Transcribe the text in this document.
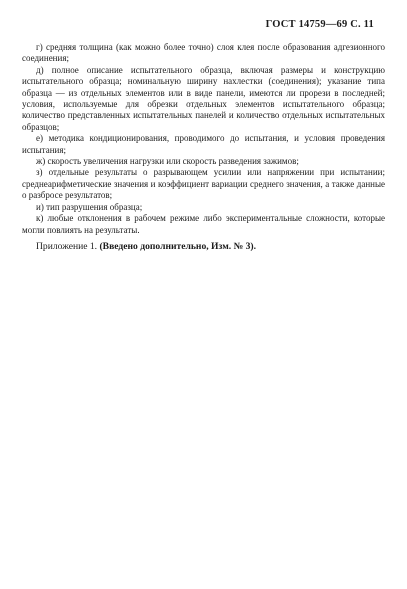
ГОСТ 14759—69 С. 11

г) средняя толщина (как можно более точно) слоя клея после образования адгезионного соединения;

д) полное описание испытательного образца, включая размеры и конструкцию испытательного образца; номинальную ширину нахлестки (соединения); указание типа образца — из отдельных элементов или в виде панели, имеются ли прорези в последней; условия, используемые для обрезки отдельных элементов испытательного образца; количество представленных испытательных панелей и количество отдельных испытательных образцов;

е) методика кондиционирования, проводимого до испытания, и условия проведения испытания;

ж) скорость увеличения нагрузки или скорость разведения зажимов;

з) отдельные результаты о разрывающем усилии или напряжении при испытании; среднеарифметические значения и коэффициент вариации среднего значения, а также данные о разбросе результатов;

и) тип разрушения образца;

к) любые отклонения в рабочем режиме либо экспериментальные сложности, которые могли повлиять на результаты.

Приложение 1. (Введено дополнительно, Изм. № 3).
